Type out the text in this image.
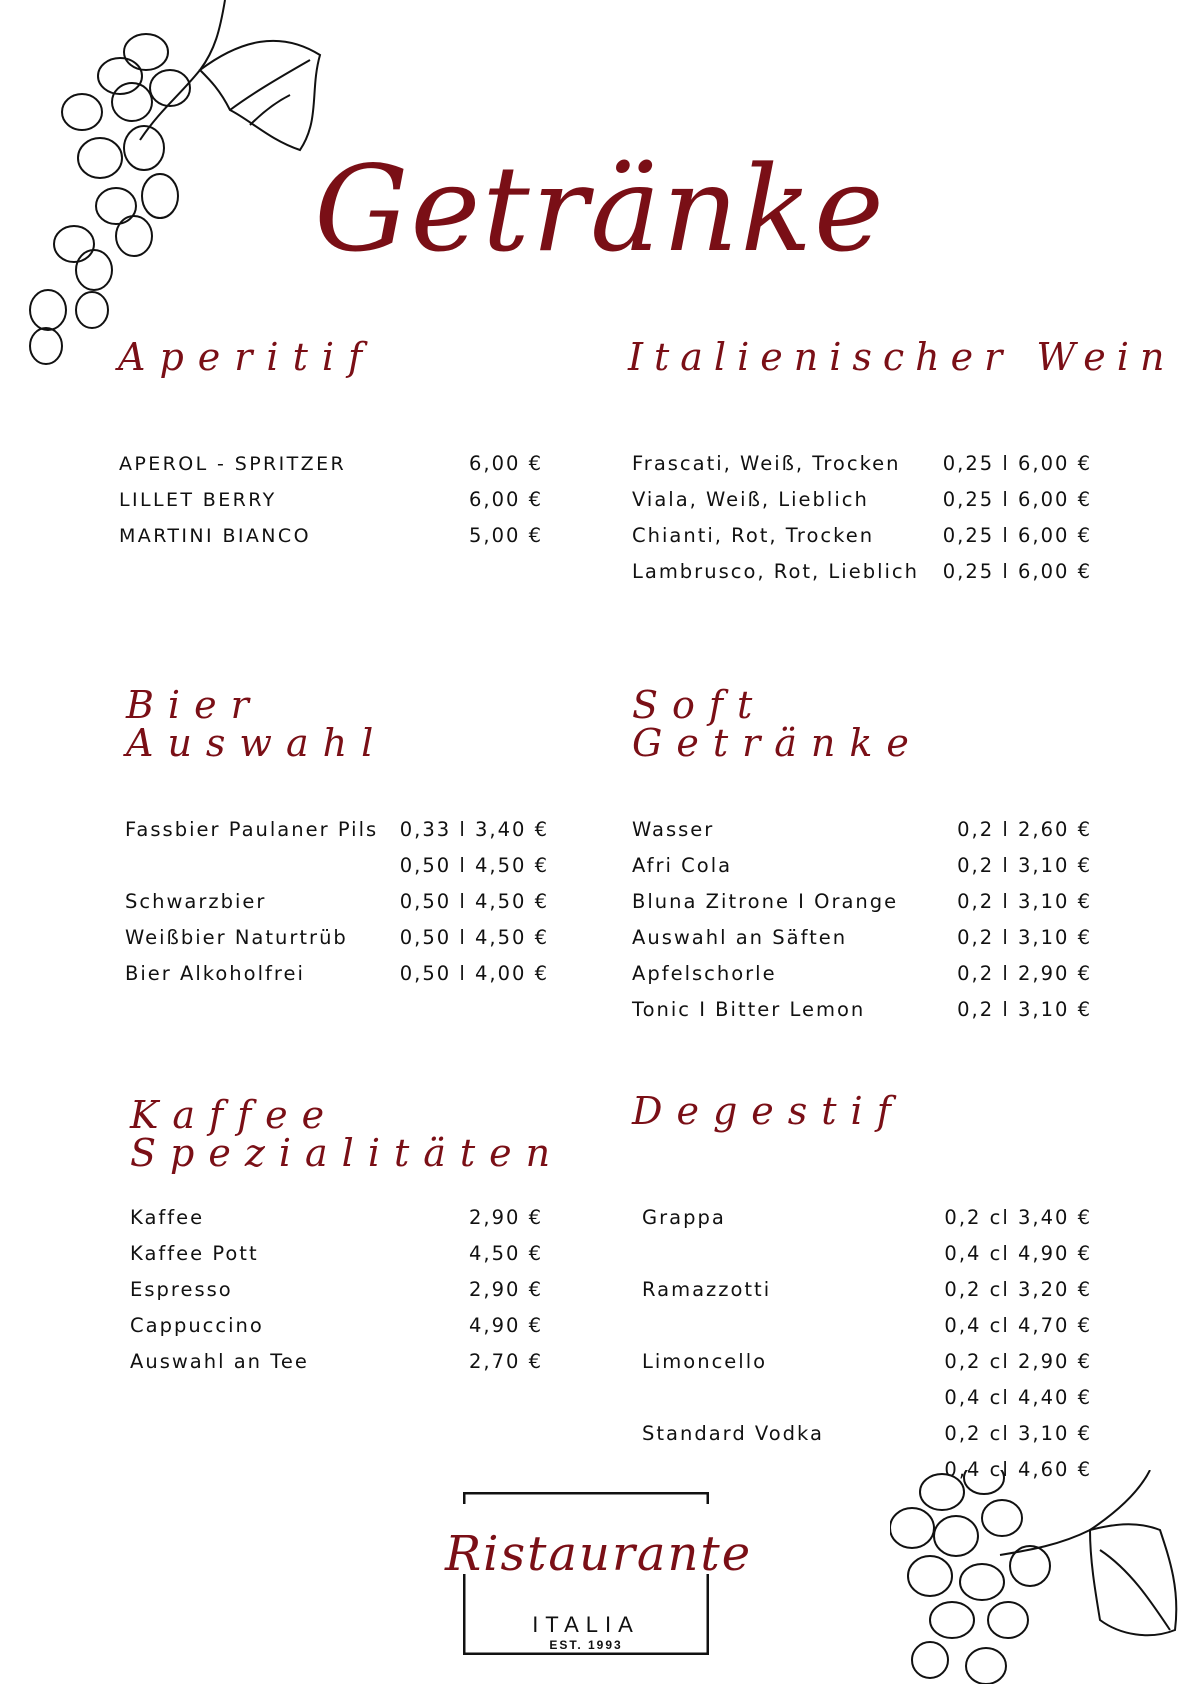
Getränke
Aperitif	Italienischer Wein
Bier
Auswahl
Soft
Getränke
Kaffee
Spezialitäten
Degestif
APEROL - SPRITZER	6,00 €
LILLET BERRY	6,00 €
MARTINI BIANCO	5,00 €
Frascati, Weiß, Trocken 0,25 l 6,00 €
Viala, Weiß, Lieblich	0,25 l 6,00 €
Chianti, Rot, Trocken	0,25 l 6,00 €
Lambrusco, Rot, Lieblich 0,25 l 6,00 €
Fassbier Paulaner Pils 0,33 l 3,40 €
0,50 l 4,50 €
Schwarzbier	0,50 l 4,50 €
Weißbier Naturtrüb	0,50 l 4,50 €
Bier Alkoholfrei	0,50 l 4,00 €
Wasser	0,2 l 2,60 €
Afri Cola	0,2 l 3,10 €
Bluna Zitrone I Orange	0,2 l 3,10 €
Auswahl an Säften	0,2 l 3,10 €
Apfelschorle	0,2 l 2,90 €
Tonic I Bitter Lemon	0,2 l 3,10 €
Kaffee	2,90 €
Kaffee Pott	4,50 €
Espresso	2,90 €
Cappuccino	4,90 €
Auswahl an Tee	2,70 €
Grappa	0,2 cl 3,40 €
0,4 cl 4,90 €
Ramazzotti	0,2 cl 3,20 €
0,4 cl 4,70 €
Limoncello	0,2 cl 2,90 €
0,4 cl 4,40 €
Standard Vodka	0,2 cl 3,10 €
0,4 cl 4,60 €
Ristaurante
ITALIA
EST. 1993
